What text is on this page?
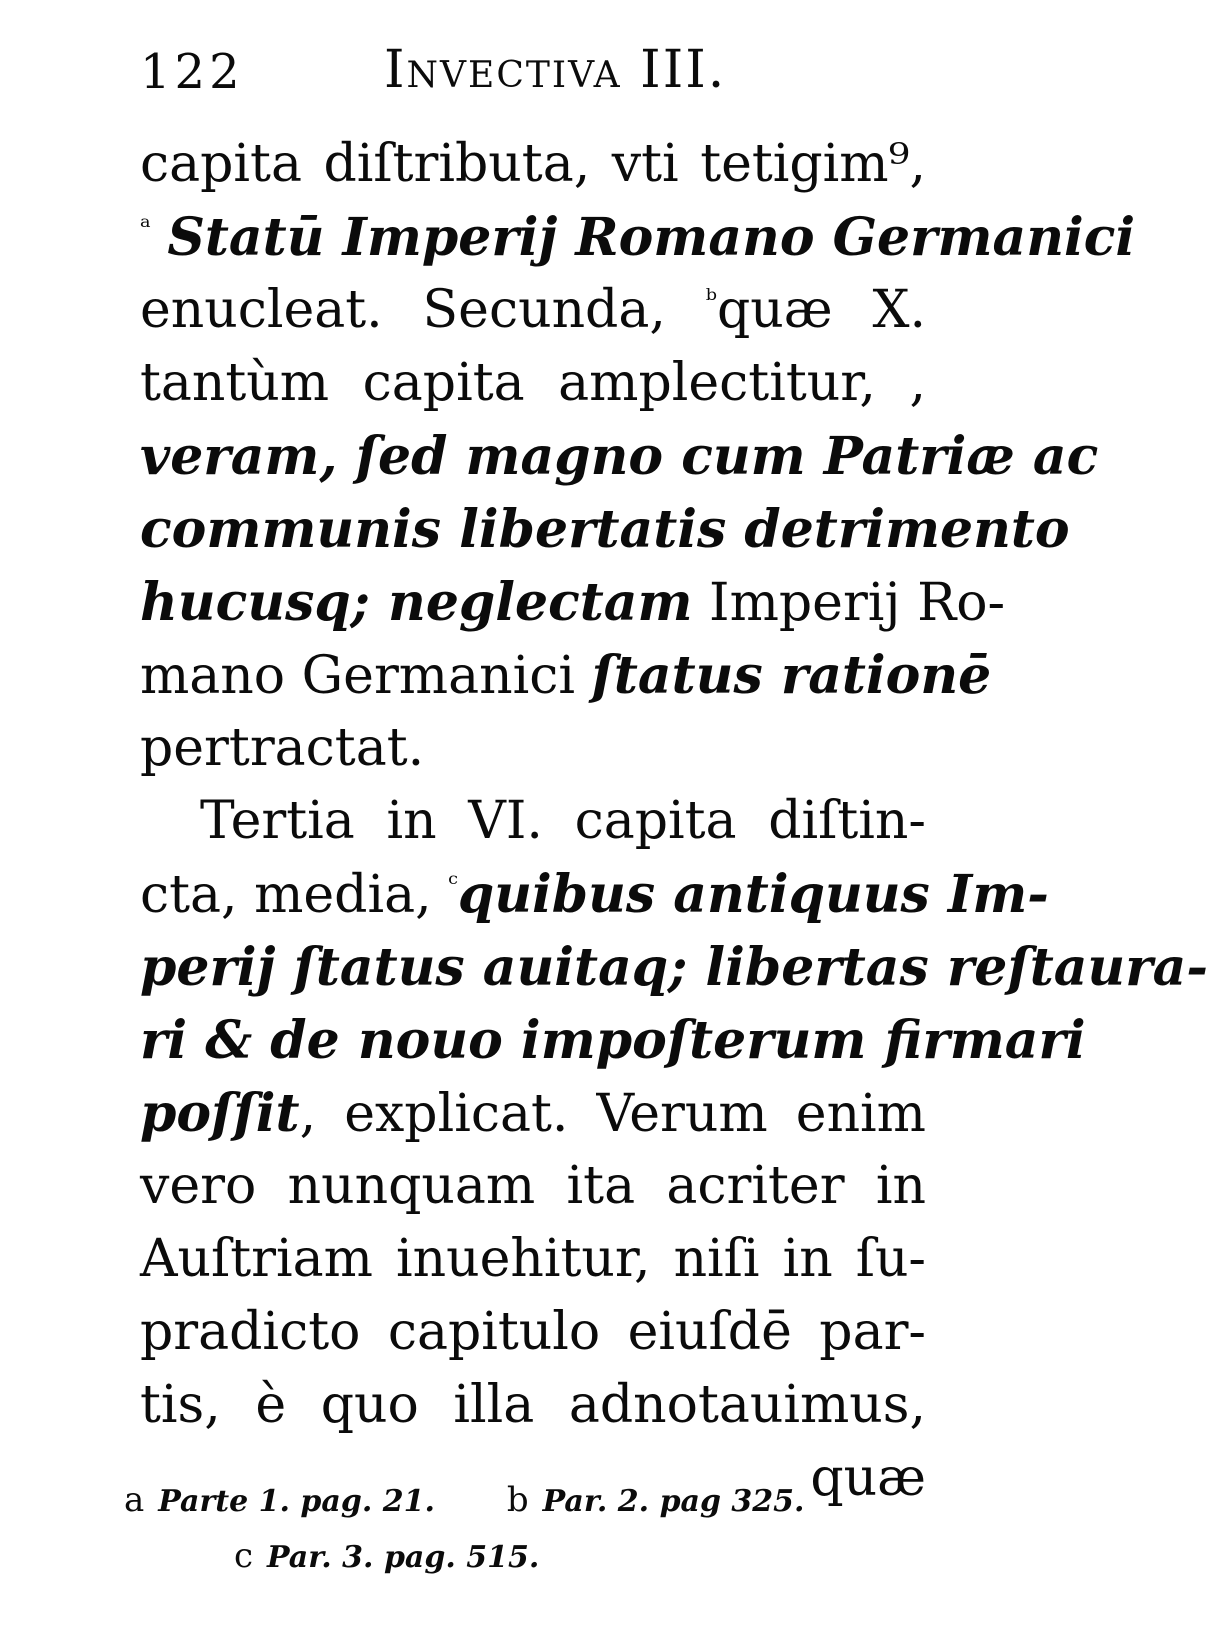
122	Invectiva III.
capita diſtributa, vti tetigim⁹,
$^ᵃ$ Statū Imperij Romano Germanici
enucleat. Secunda, $^ᵇ$quæ X.
tantùm capita amplectitur, ,
veram, ſed magno cum Patriæ ac
communis libertatis detrimento
hucusq; neglectam Imperij Ro-
mano Germanici ſtatus rationē
pertractat.
Tertia in VI. capita diſtin-
cta, media, $^ᶜ$quibus antiquus Im-
perij ſtatus auitaq; libertas reſtaura-
ri & de nouo impoſterum firmari
poſſit, explicat. Verum enim
vero nunquam ita acriter in
Auſtriam inuehitur, niſi in ſu-
pradicto capitulo eiuſdē par-
tis, è quo illa adnotauimus,
quæ
a Parte 1. pag. 21. b Par. 2. pag 325.
c Par. 3. pag. 515.
